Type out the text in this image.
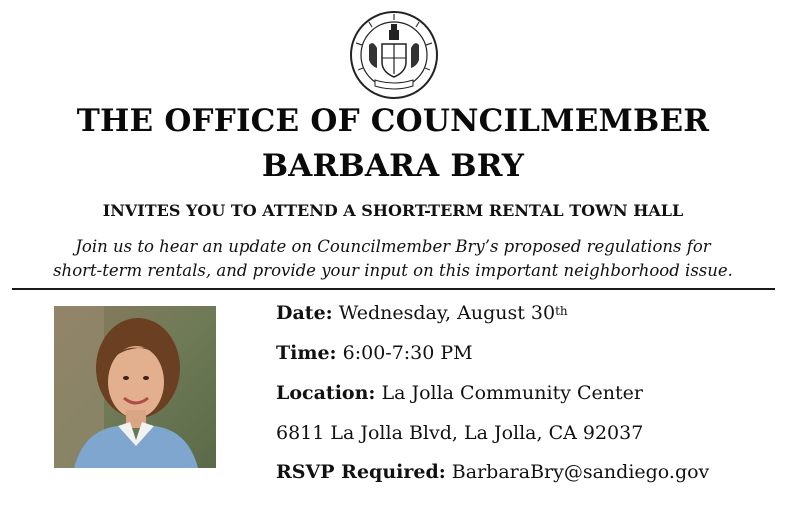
THE OFFICE OF COUNCILMEMBER
BARBARA BRY
INVITES YOU TO ATTEND A SHORT-TERM RENTAL TOWN HALL
Join us to hear an update on Councilmember Bry’s proposed regulations for
short-term rentals, and provide your input on this important neighborhood issue.
Date: Wednesday, August 30th
Time: 6:00-7:30 PM
Location: La Jolla Community Center
6811 La Jolla Blvd, La Jolla, CA 92037
RSVP Required: BarbaraBry@sandiego.gov
